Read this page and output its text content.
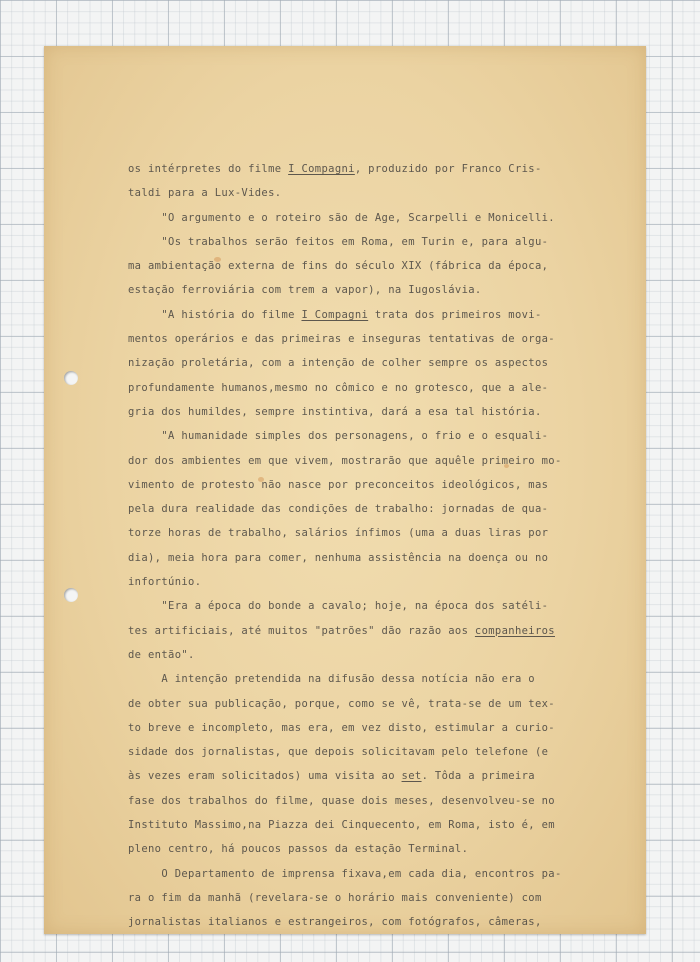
os intérpretes do filme I Compagni, produzido por Franco Cris-
taldi para a Lux-Vides.
"O argumento e o roteiro são de Age, Scarpelli e Monicelli.
"Os trabalhos serão feitos em Roma, em Turin e, para algu-
ma ambientação externa de fins do século XIX (fábrica da época,
estação ferroviária com trem a vapor), na Iugoslávia.
"A história do filme I Compagni trata dos primeiros movi-
mentos operários e das primeiras e inseguras tentativas de orga-
nização proletária, com a intenção de colher sempre os aspectos
profundamente humanos,mesmo no cômico e no grotesco, que a ale-
gria dos humildes, sempre instintiva, dará a esa tal história.
"A humanidade simples dos personagens, o frio e o esquali-
dor dos ambientes em que vivem, mostrarão que aquêle primeiro mo-
vimento de protesto não nasce por preconceitos ideológicos, mas
pela dura realidade das condições de trabalho: jornadas de qua-
torze horas de trabalho, salários ínfimos (uma a duas liras por
dia), meia hora para comer, nenhuma assistência na doença ou no
infortúnio.
"Era a época do bonde a cavalo; hoje, na época dos satéli-
tes artificiais, até muitos "patrões" dão razão aos companheiros
de então".
A intenção pretendida na difusão dessa notícia não era o
de obter sua publicação, porque, como se vê, trata-se de um tex-
to breve e incompleto, mas era, em vez disto, estimular a curio-
sidade dos jornalistas, que depois solicitavam pelo telefone (e
às vezes eram solicitados) uma visita ao set. Tôda a primeira
fase dos trabalhos do filme, quase dois meses, desenvolveu-se no
Instituto Massimo,na Piazza dei Cinquecento, em Roma, isto é, em
pleno centro, há poucos passos da estação Terminal.
O Departamento de imprensa fixava,em cada dia, encontros pa-
ra o fim da manhã (revelara-se o horário mais conveniente) com
jornalistas italianos e estrangeiros, com fotógrafos, câmeras,
